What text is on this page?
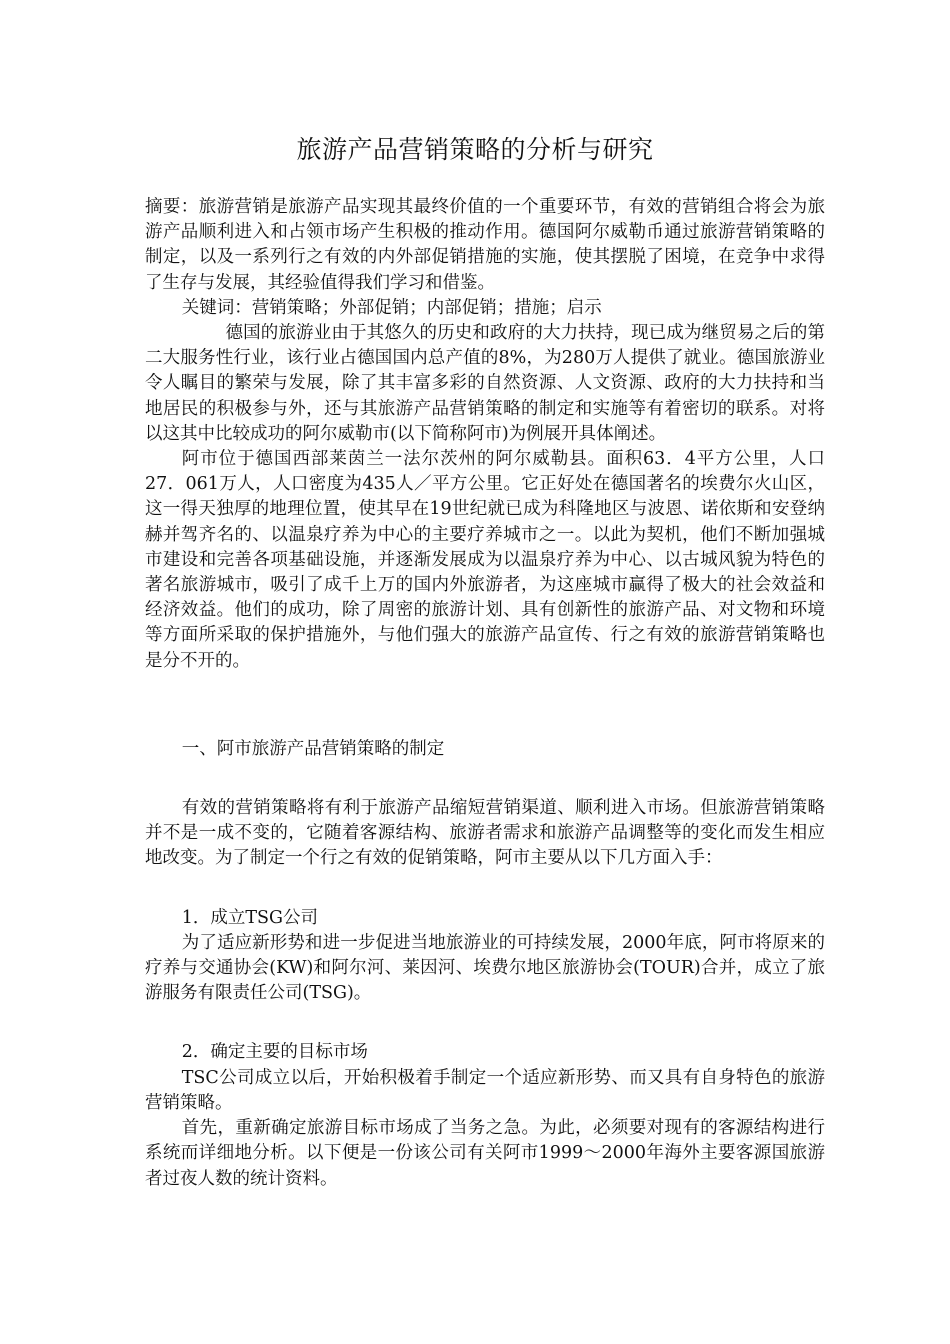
旅游产品营销策略的分析与研究

摘要：旅游营销是旅游产品实现其最终价值的一个重要环节，有效的营销组合将会为旅游产品顺利进入和占领市场产生积极的推动作用。德国阿尔威勒币通过旅游营销策略的制定，以及一系列行之有效的内外部促销措施的实施，使其摆脱了困境，在竞争中求得了生存与发展，其经验值得我们学习和借鉴。

关键词：营销策略；外部促销；内部促销；措施；启示

德国的旅游业由于其悠久的历史和政府的大力扶持，现已成为继贸易之后的第二大服务性行业，该行业占德国国内总产值的8%，为280万人提供了就业。德国旅游业令人瞩目的繁荣与发展，除了其丰富多彩的自然资源、人文资源、政府的大力扶持和当地居民的积极参与外，还与其旅游产品营销策略的制定和实施等有着密切的联系。对将以这其中比较成功的阿尔威勒市(以下简称阿市)为例展开具体阐述。

阿市位于德国西部莱茵兰一法尔茨州的阿尔威勒县。面积63．4平方公里，人口27．061万人，人口密度为435人／平方公里。它正好处在德国著名的埃费尔火山区，这一得天独厚的地理位置，使其早在19世纪就已成为科隆地区与波恩、诺依斯和安登纳赫并驾齐名的、以温泉疗养为中心的主要疗养城市之一。以此为契机，他们不断加强城市建设和完善各项基础设施，并逐渐发展成为以温泉疗养为中心、以古城风貌为特色的著名旅游城市，吸引了成千上万的国内外旅游者，为这座城市赢得了极大的社会效益和经济效益。他们的成功，除了周密的旅游计划、具有创新性的旅游产品、对文物和环境等方面所采取的保护措施外，与他们强大的旅游产品宣传、行之有效的旅游营销策略也是分不开的。

一、阿市旅游产品营销策略的制定

有效的营销策略将有利于旅游产品缩短营销渠道、顺利进入市场。但旅游营销策略并不是一成不变的，它随着客源结构、旅游者需求和旅游产品调整等的变化而发生相应地改变。为了制定一个行之有效的促销策略，阿市主要从以下几方面入手：

1．成立TSG公司

为了适应新形势和进一步促进当地旅游业的可持续发展，2000年底，阿市将原来的疗养与交通协会(KW)和阿尔河、莱因河、埃费尔地区旅游协会(TOUR)合并，成立了旅游服务有限责任公司(TSG)。

2．确定主要的目标市场

TSC公司成立以后，开始积极着手制定一个适应新形势、而又具有自身特色的旅游营销策略。

首先，重新确定旅游目标市场成了当务之急。为此，必须要对现有的客源结构进行系统而详细地分析。以下便是一份该公司有关阿市1999～2000年海外主要客源国旅游者过夜人数的统计资料。
